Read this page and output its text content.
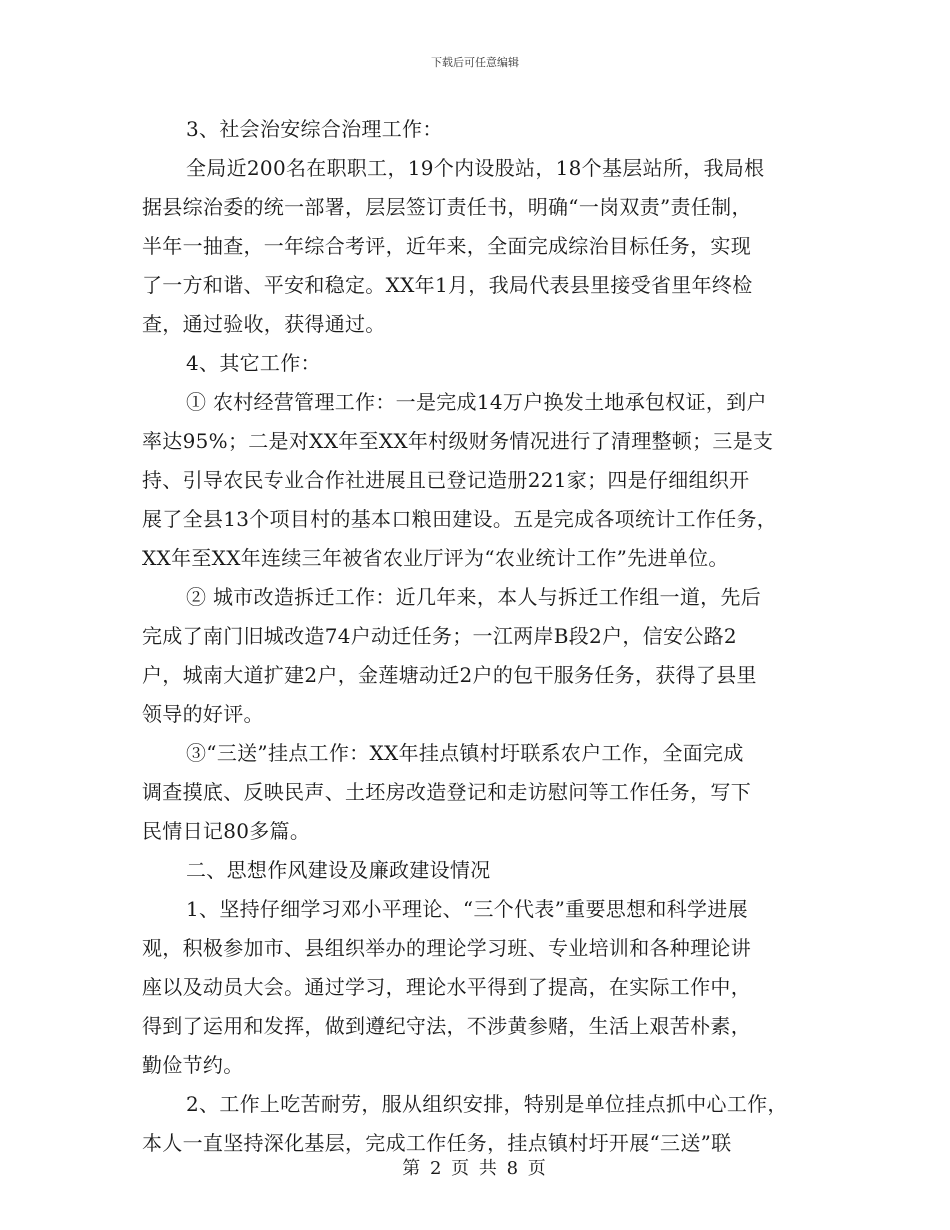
下载后可任意编辑
3、社会治安综合治理工作：
全局近200名在职职工，19个内设股站，18个基层站所，我局根
据县综治委的统一部署，层层签订责任书，明确“一岗双责”责任制，
半年一抽查，一年综合考评，近年来，全面完成综治目标任务，实现
了一方和谐、平安和稳定。XX年1月，我局代表县里接受省里年终检
查，通过验收，获得通过。
4、其它工作：
① 农村经营管理工作：一是完成14万户换发土地承包权证，到户
率达95%；二是对XX年至XX年村级财务情况进行了清理整顿；三是支
持、引导农民专业合作社进展且已登记造册221家；四是仔细组织开
展了全县13个项目村的基本口粮田建设。五是完成各项统计工作任务，
XX年至XX年连续三年被省农业厅评为“农业统计工作”先进单位。
② 城市改造拆迁工作：近几年来，本人与拆迁工作组一道，先后
完成了南门旧城改造74户动迁任务；一江两岸B段2户，信安公路2
户，城南大道扩建2户，金莲塘动迁2户的包干服务任务，获得了县里
领导的好评。
③“三送”挂点工作：XX年挂点镇村圩联系农户工作，全面完成
调查摸底、反映民声、土坯房改造登记和走访慰问等工作任务，写下
民情日记80多篇。
二、思想作风建设及廉政建设情况
1、坚持仔细学习邓小平理论、“三个代表”重要思想和科学进展
观，积极参加市、县组织举办的理论学习班、专业培训和各种理论讲
座以及动员大会。通过学习，理论水平得到了提高，在实际工作中，
得到了运用和发挥，做到遵纪守法，不涉黄参赌，生活上艰苦朴素，
勤俭节约。
2、工作上吃苦耐劳，服从组织安排，特别是单位挂点抓中心工作，
本人一直坚持深化基层，完成工作任务，挂点镇村圩开展“三送”联
第 2 页 共 8 页
